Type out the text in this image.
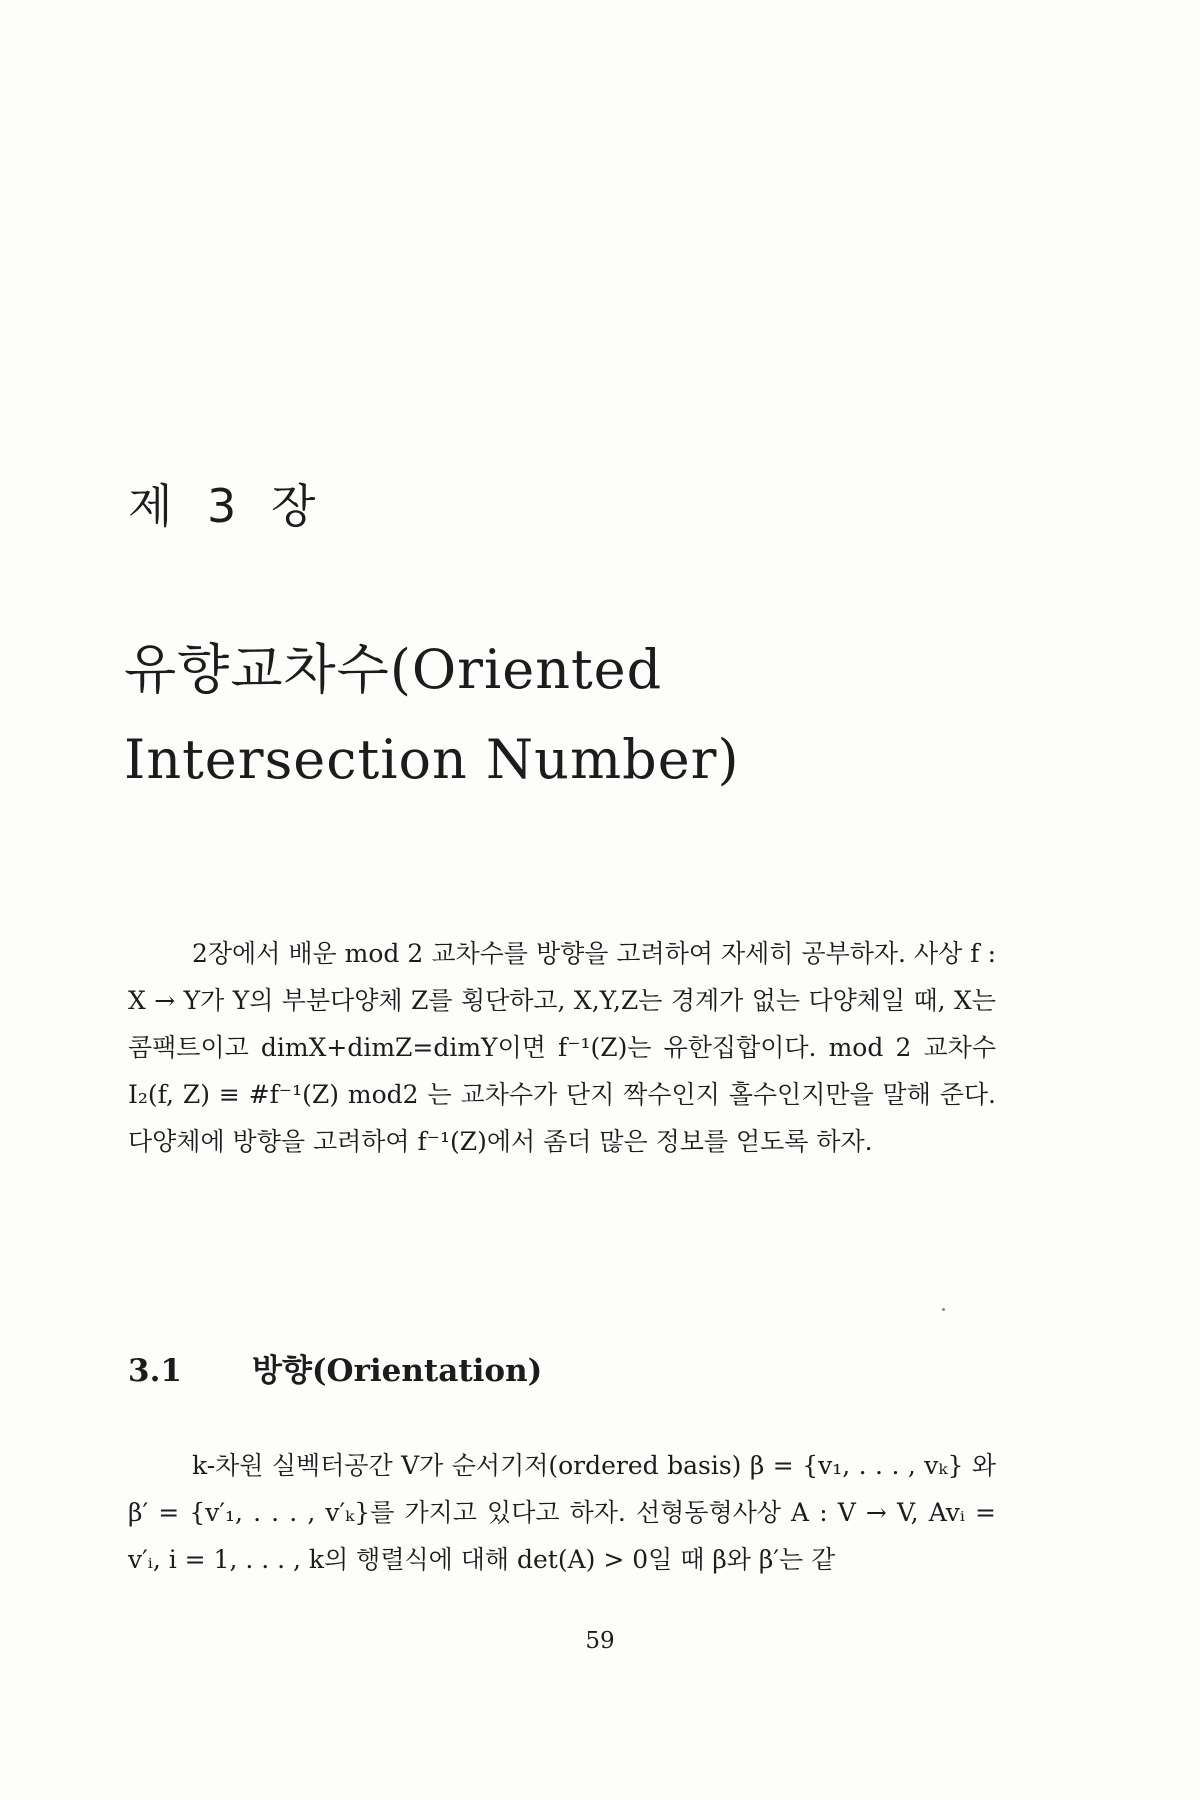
제 3 장
유향교차수(Oriented Intersection Number)

2장에서 배운 mod 2 교차수를 방향을 고려하여 자세히 공부하자. 사상 f : X → Y가 Y의 부분다양체 Z를 횡단하고, X,Y,Z는 경계가 없는 다양체일 때, X는 콤팩트이고 dimX+dimZ=dimY이면 f⁻¹(Z)는 유한집합이다. mod 2 교차수 I₂(f, Z) ≡ #f⁻¹(Z) mod2 는 교차수가 단지 짝수인지 홀수인지만을 말해 준다. 다양체에 방향을 고려하여 f⁻¹(Z)에서 좀더 많은 정보를 얻도록 하자.

3.1 방향(Orientation)

k-차원 실벡터공간 V가 순서기저(ordered basis) β = {v₁, . . . , vₖ} 와 β′ = {v′₁, . . . , v′ₖ}를 가지고 있다고 하자. 선형동형사상 A : V → V, Avᵢ = v′ᵢ, i = 1, . . . , k의 행렬식에 대해 det(A) > 0일 때 β와 β′는 같

59
